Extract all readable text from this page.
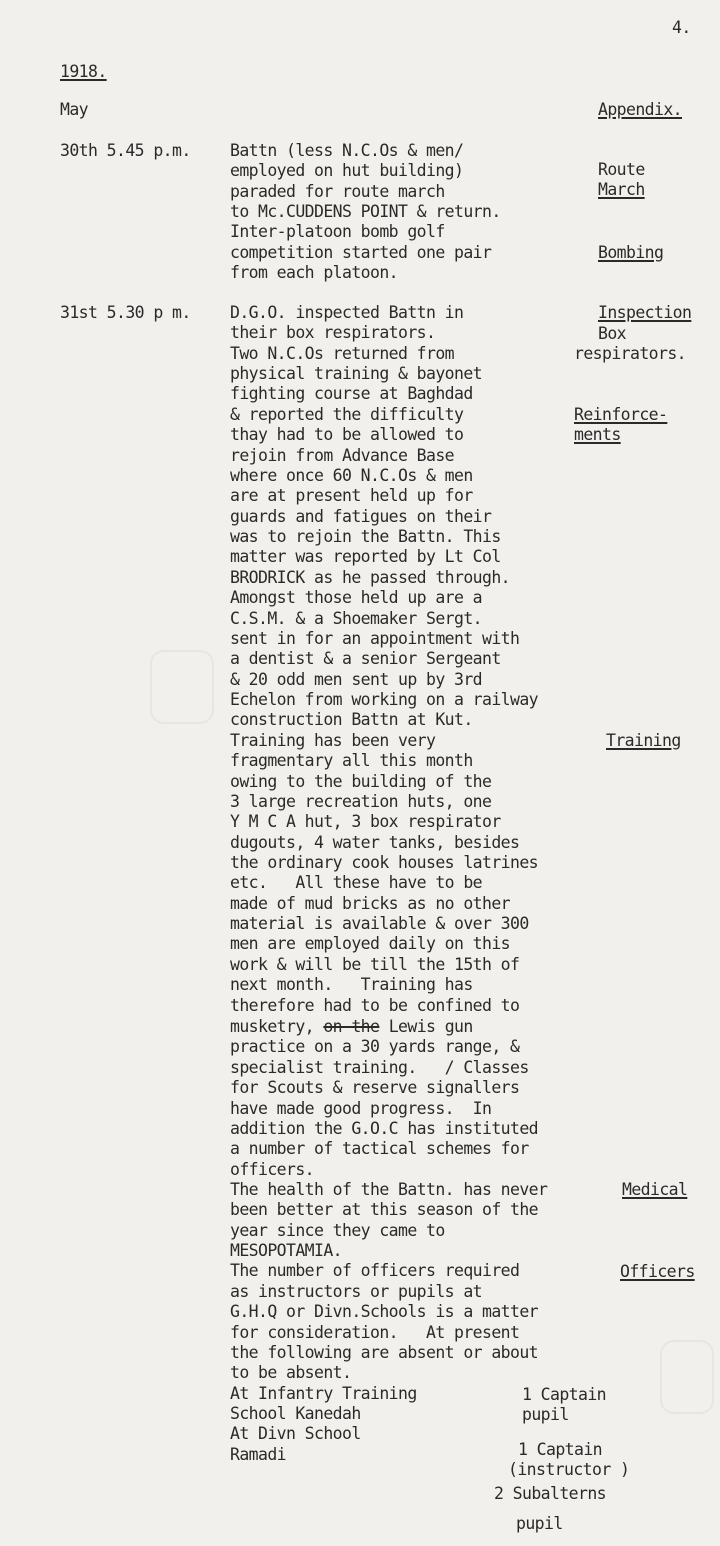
4.
1918.
May	Appendix.
30th 5.45 p.m. Battn (less N.C.Os & men/
employed on hut building)
paraded for route march
to Mc.CUDDENS POINT & return.
Inter-platoon bomb golf
competition started one pair
from each platoon.
Route
March
Bombing
31st 5.30 p m. D.G.O. inspected Battn in
their box respirators.
Two N.C.Os returned from
physical training & bayonet
fighting course at Baghdad
& reported the difficulty
thay had to be allowed to
rejoin from Advance Base
where once 60 N.C.Os & men
are at present held up for
guards and fatigues on their
was to rejoin the Battn. This
matter was reported by Lt Col
BRODRICK as he passed through.
Amongst those held up are a
C.S.M. & a Shoemaker Sergt.
sent in for an appointment with
a dentist & a senior Sergeant
& 20 odd men sent up by 3rd
Echelon from working on a railway
construction Battn at Kut.
Training has been very
fragmentary all this month
owing to the building of the
3 large recreation huts, one
Y M C A hut, 3 box respirator
dugouts, 4 water tanks, besides
the ordinary cook houses latrines
etc.   All these have to be
made of mud bricks as no other
material is available & over 300
men are employed daily on this
work & will be till the 15th of
next month.   Training has
therefore had to be confined to
musketry, on the Lewis gun
practice on a 30 yards range, &
specialist training.   / Classes
for Scouts & reserve signallers
have made good progress.  In
addition the G.O.C has instituted
a number of tactical schemes for
officers.
The health of the Battn. has never
been better at this season of the
year since they came to
MESOPOTAMIA.
The number of officers required
as instructors or pupils at
G.H.Q or Divn.Schools is a matter
for consideration.   At present
the following are absent or about
to be absent.
At Infantry Training
School Kanedah
At Divn School
Ramadi
Inspection
Box
respirators.
Reinforce-
ments
Training
Medical
Officers
1 Captain
pupil
1 Captain
(instructor )
2 Subalterns
pupil
